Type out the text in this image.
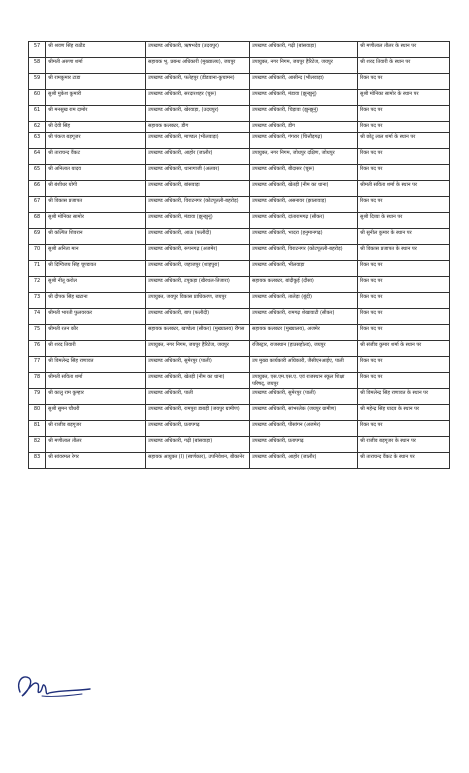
57	श्री श्रवण सिंह राठौड	उपखण्ड अधिकारी, ऋषभदेव (उदयपुर)	उपखण्ड अधिकारी, गढ़ी (बांसवाड़ा)	श्री मणीलाल तौलर के स्थान पर
58	श्रीमती अरुणा शर्मा	सहायक भू. प्रबन्ध अधिकारी (मुख्यालय), जयपुर	उपायुक्त, नगर निगम, जयपुर हैरिटेज, जयपुर	श्री शरद तिवारी के स्थान पर
59	श्री रामकुमार टाडा	उपखण्ड अधिकारी, फतेहपुर (डीडवाना-कुचामन)	उपखण्ड अधिकारी, आसीन्द (भीलवाड़ा)	रिक्त पद पर
60	सुश्री मुकेश कुमारी	उपखण्ड अधिकारी, सरदारशहर (चूरू)	उपखण्ड अधिकारी, मंडावा (झुन्झुनूं)	सुश्री मोनिका सामोर के स्थान पर
61	श्री मनसुख राम दामोर	उपखण्ड अधिकारी, खेरवाड़ा, (उदयपुर)	उपखण्ड अधिकारी, चिड़ावा (झुन्झुनूं)	रिक्त पद पर
62	श्री देवी सिंह	सहायक कलक्टर, डीग	उपखण्ड अधिकारी, डीग	रिक्त पद पर
63	श्री पंकज बड़गूजर	उपखण्ड अधिकारी, माण्डल (भीलवाड़ा)	उपखण्ड अधिकारी, गंगरार (चित्तौड़गढ़)	श्री छोटू लाल शर्मा के स्थान पर
64	श्री ताराचन्द वैंकट	उपखण्ड अधिकारी, आहोर (जालौर)	उपायुक्त, नगर निगम, जोधपुर दक्षिण, जोधपुर	रिक्त पद पर
65	श्री अनिलात यादव	उपखण्ड अधिकारी, थानागाजी (अलवर)	उपखण्ड अधिकारी, बीदासर (चूरू)	रिक्त पद पर
66	श्री बंशीधर योगी	उपखण्ड अधिकारी, बांसवाड़ा	उपखण्ड अधिकारी, खेतड़ी (नीम का थाना)	श्रीमती सविता शर्मा के स्थान पर
67	श्री विकास प्रजापत	उपखण्ड अधिकारी, विराटनगर (कोटपूतली-बहरोड़)	उपखण्ड अधिकारी, असनावर (झालावाड़)	रिक्त पद पर
68	सुश्री मोनिका सामोर	उपखण्ड अधिकारी, मंडावा (झुन्झुनूं)	उपखण्ड अधिकारी, दांतारामगढ़ (सीकर)	सुश्री दिव्या के स्थान पर
69	श्री कल्पित शिवरान	उपखण्ड अधिकारी, आऊ (फलौदी)	उपखण्ड अधिकारी, भादरा (हनुमानगढ़)	श्री सुनील कुमार के स्थान पर
70	सुश्री अनिता मान	उपखण्ड अधिकारी, रूपनगढ़ (अजमेर)	उपखण्ड अधिकारी, विराटनगर (कोटपूतली-बहरोड़)	श्री विकास प्रजापत के स्थान पर
71	श्री दिग्विजय सिंह चूण्डावत	उपखण्ड अधिकारी, जहाजपुर (शाहपुरा)	उपखण्ड अधिकारी, भीलवाड़ा	रिक्त पद पर
72	सुश्री नीतू करोल	उपखण्ड अधिकारी, टपूकड़ा (खैरथल-तिजारा)	सहायक कलक्टर, बांदीकुई (दौसा)	रिक्त पद पर
73	श्री दीपक सिंह खटाना	उपायुक्त, जयपुर विकास प्राधिकरण, जयपुर	उपखण्ड अधिकारी, तालेड़ा (बूंदी)	रिक्त पद पर
74	श्रीमती भारती फुलवरकर	उपखण्ड अधिकारी, बाप (फलौदी)	उपखण्ड अधिकारी, रामगढ़ शेखावाटी (सीकर)	रिक्त पद पर
75	श्रीमती रतन कौर	सहायक कलक्टर, खण्डेला (सीकर) (मुख्यालय) रींगस	सहायक कलक्टर (मुख्यालय), अजमेर	रिक्त पद पर
76	श्री शरद तिवारी	उपायुक्त, नगर निगम, जयपुर हैरिटेज, जयपुर	रजिस्ट्रार, राजस्थान (हाउसहोल्ड), जयपुर	श्री संजीव कुमार शर्मा के स्थान पर
77	श्री विमलेन्द्र सिंह राणावत	उपखण्ड अधिकारी, सुमेरपुर (पाली)	उप मुख्य कार्यकारी अधिकारी, जैसीएनआईए, पाली	रिक्त पद पर
78	श्रीमती सविता शर्मा	उपखण्ड अधिकारी, खेतड़ी (नीम का थाना)	उपायुक्त, एस.एम.एस.ए. एवं राजस्थान स्कूल शिक्षा परिषद्, जयपुर	रिक्त पद पर
79	श्री कालु राम कुम्हार	उपखण्ड अधिकारी, पाली	उपखण्ड अधिकारी, सुमेरपुर (पाली)	श्री विमलेन्द्र सिंह राणावत के स्थान पर
80	सुश्री सुमन चौधरी	उपखण्ड अधिकारी, रामपुरा डाबड़ी (जयपुर ग्रामीण)	उपखण्ड अधिकारी, सांभरलेक (जयपुर ग्रामीण)	श्री महेन्द्र सिंह यादव के स्थान पर
81	श्री राजीव बड़गूजर	उपखण्ड अधिकारी, प्रतापगढ़	उपखण्ड अधिकारी, पीसांगन (अजमेर)	रिक्त पद पर
82	श्री मणीलाल तौलर	उपखण्ड अधिकारी, गढ़ी (बांसवाड़ा)	उपखण्ड अधिकारी, प्रतापगढ़	श्री राजीव बड़गूजर के स्थान पर
83	श्री सांवरमल रेगर	सहायक आयुक्त (I) (स्वर्णकार), उपनिवेशन, बीकानेर	उपखण्ड अधिकारी, आहोर (जालौर)	श्री ताराचन्द वैंकट के स्थान पर
